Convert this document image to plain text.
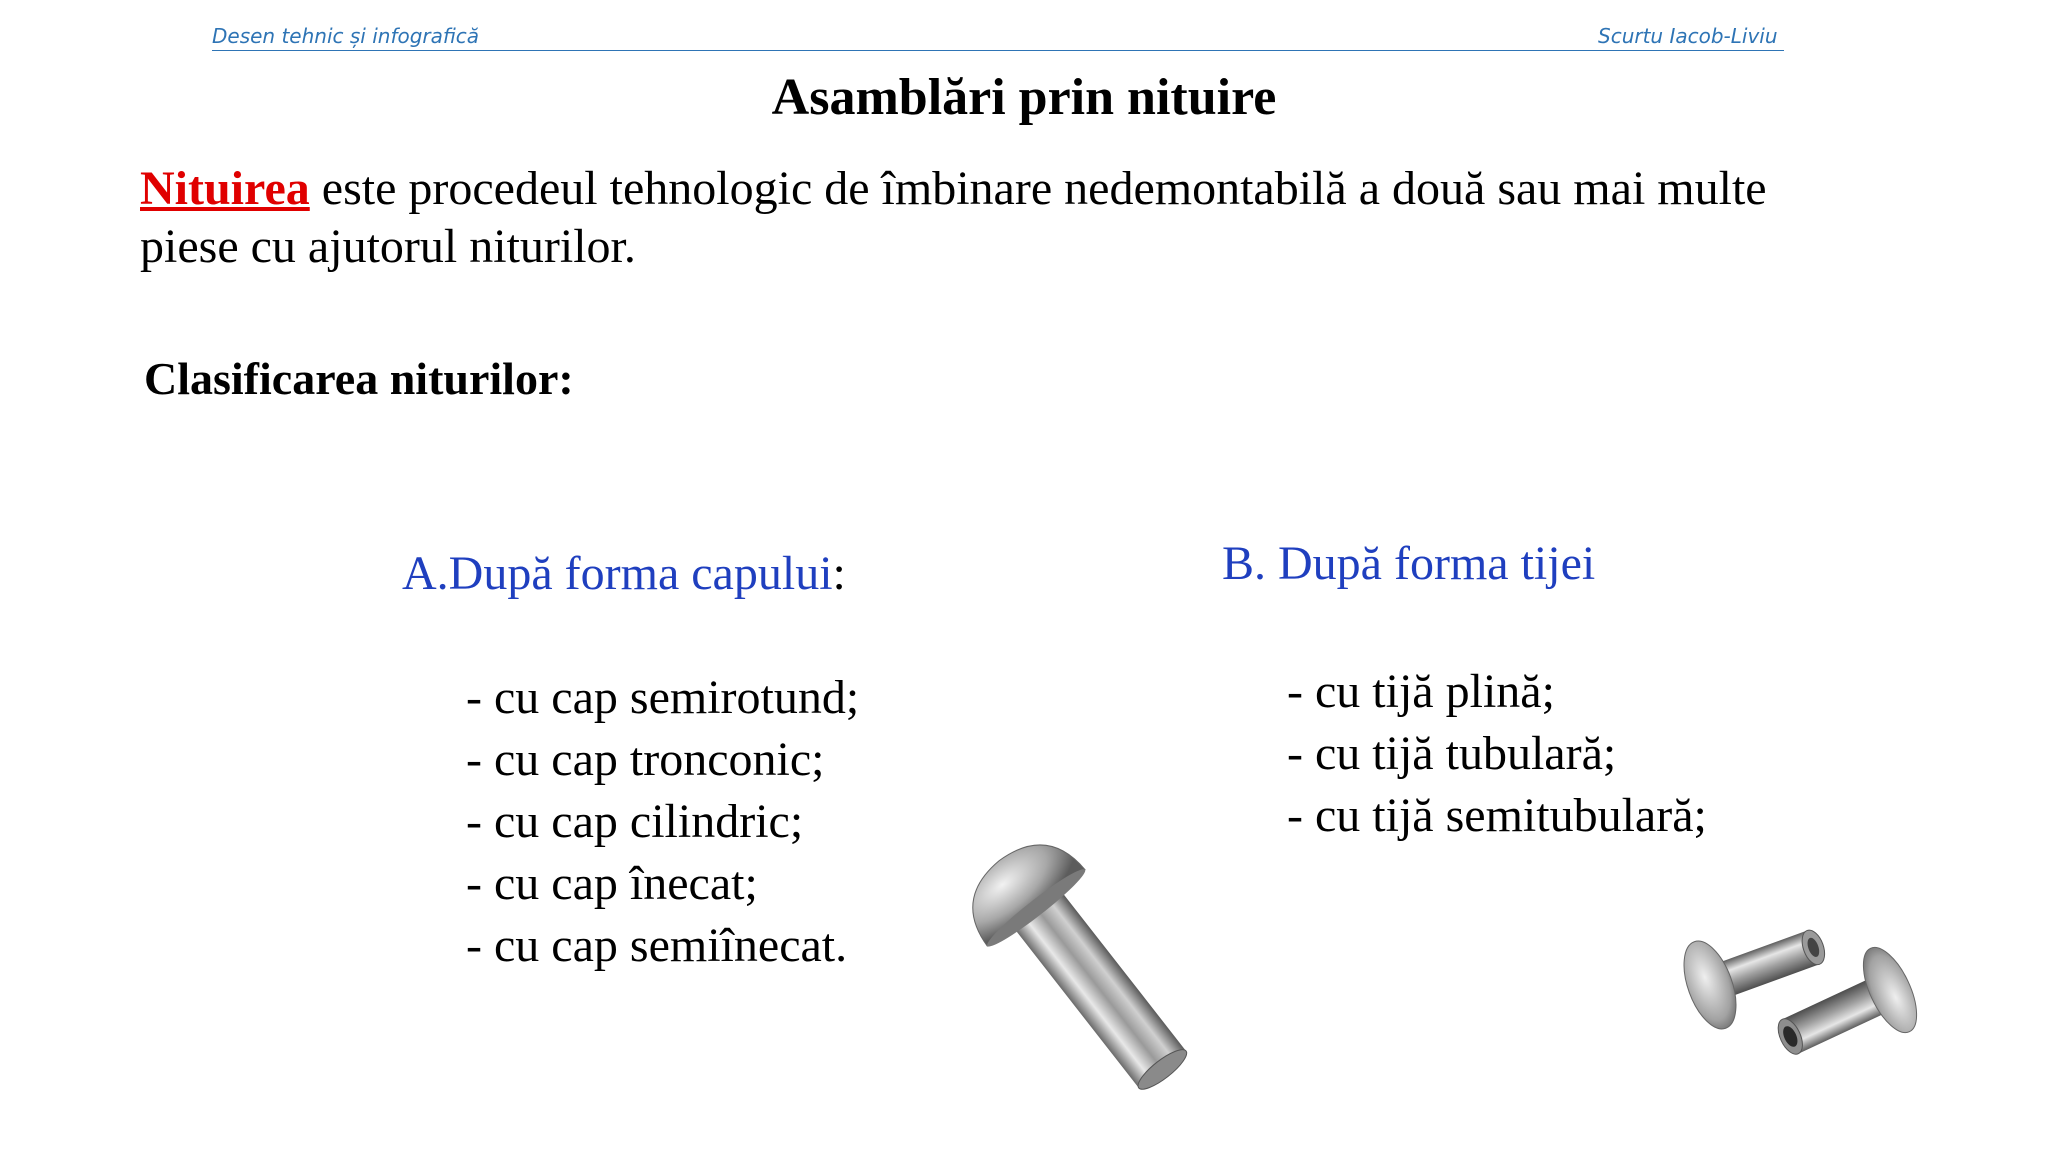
Desen tehnic și infografică	Scurtu Iacob-Liviu
Asamblări prin nituire
Nituirea este procedeul tehnologic de îmbinare nedemontabilă a două sau mai multe
piese cu ajutorul niturilor.
Clasificarea niturilor:
A.După forma capului:
- cu cap semirotund;
- cu cap tronconic;
- cu cap cilindric;
- cu cap înecat;
- cu cap semiînecat.
B. După forma tijei
- cu tijă plină;
- cu tijă tubulară;
- cu tijă semitubulară;
